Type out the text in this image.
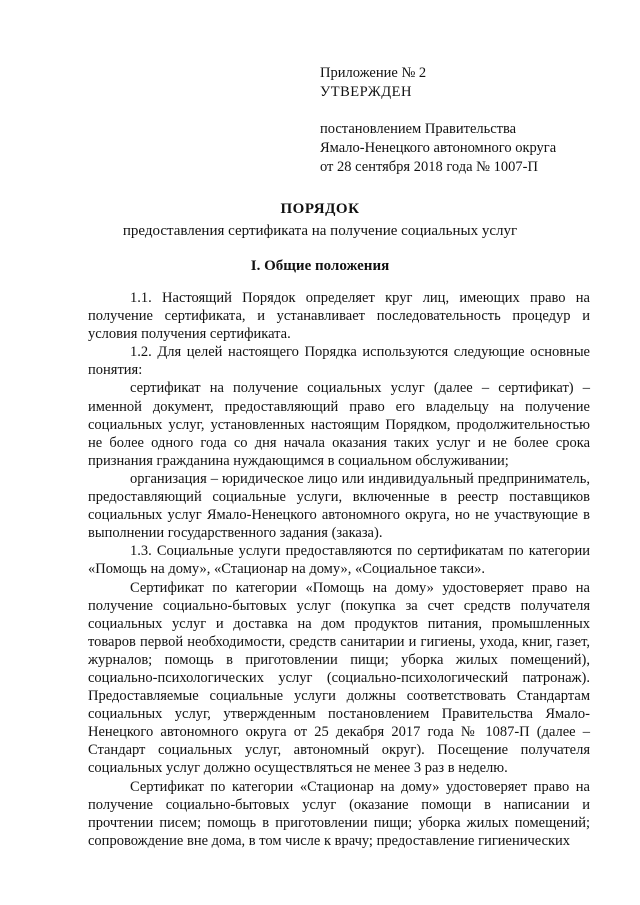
Приложение № 2
УТВЕРЖДЕН
постановлением Правительства
Ямало-Ненецкого автономного округа
от 28 сентября 2018 года № 1007-П
ПОРЯДОК
предоставления сертификата на получение социальных услуг
I. Общие положения

1.1. Настоящий Порядок определяет круг лиц, имеющих право на получение сертификата, и устанавливает последовательность процедур и условия получения сертификата.

1.2. Для целей настоящего Порядка используются следующие основные понятия:

сертификат на получение социальных услуг (далее – сертификат) – именной документ, предоставляющий право его владельцу на получение социальных услуг, установленных настоящим Порядком, продолжительностью не более одного года со дня начала оказания таких услуг и не более срока признания гражданина нуждающимся в социальном обслуживании;

организация – юридическое лицо или индивидуальный предприниматель, предоставляющий социальные услуги, включенные в реестр поставщиков социальных услуг Ямало-Ненецкого автономного округа, но не участвующие в выполнении государственного задания (заказа).

1.3. Социальные услуги предоставляются по сертификатам по категории «Помощь на дому», «Стационар на дому», «Социальное такси».

Сертификат по категории «Помощь на дому» удостоверяет право на получение социально-бытовых услуг (покупка за счет средств получателя социальных услуг и доставка на дом продуктов питания, промышленных товаров первой необходимости, средств санитарии и гигиены, ухода, книг, газет, журналов; помощь в приготовлении пищи; уборка жилых помещений), социально-психологических услуг (социально-психологический патронаж). Предоставляемые социальные услуги должны соответствовать Стандартам социальных услуг, утвержденным постановлением Правительства Ямало-Ненецкого автономного округа от 25 декабря 2017 года № 1087-П (далее – Стандарт социальных услуг, автономный округ). Посещение получателя социальных услуг должно осуществляться не менее 3 раз в неделю.

Сертификат по категории «Стационар на дому» удостоверяет право на получение социально-бытовых услуг (оказание помощи в написании и прочтении писем; помощь в приготовлении пищи; уборка жилых помещений; сопровождение вне дома, в том числе к врачу; предоставление гигиенических
